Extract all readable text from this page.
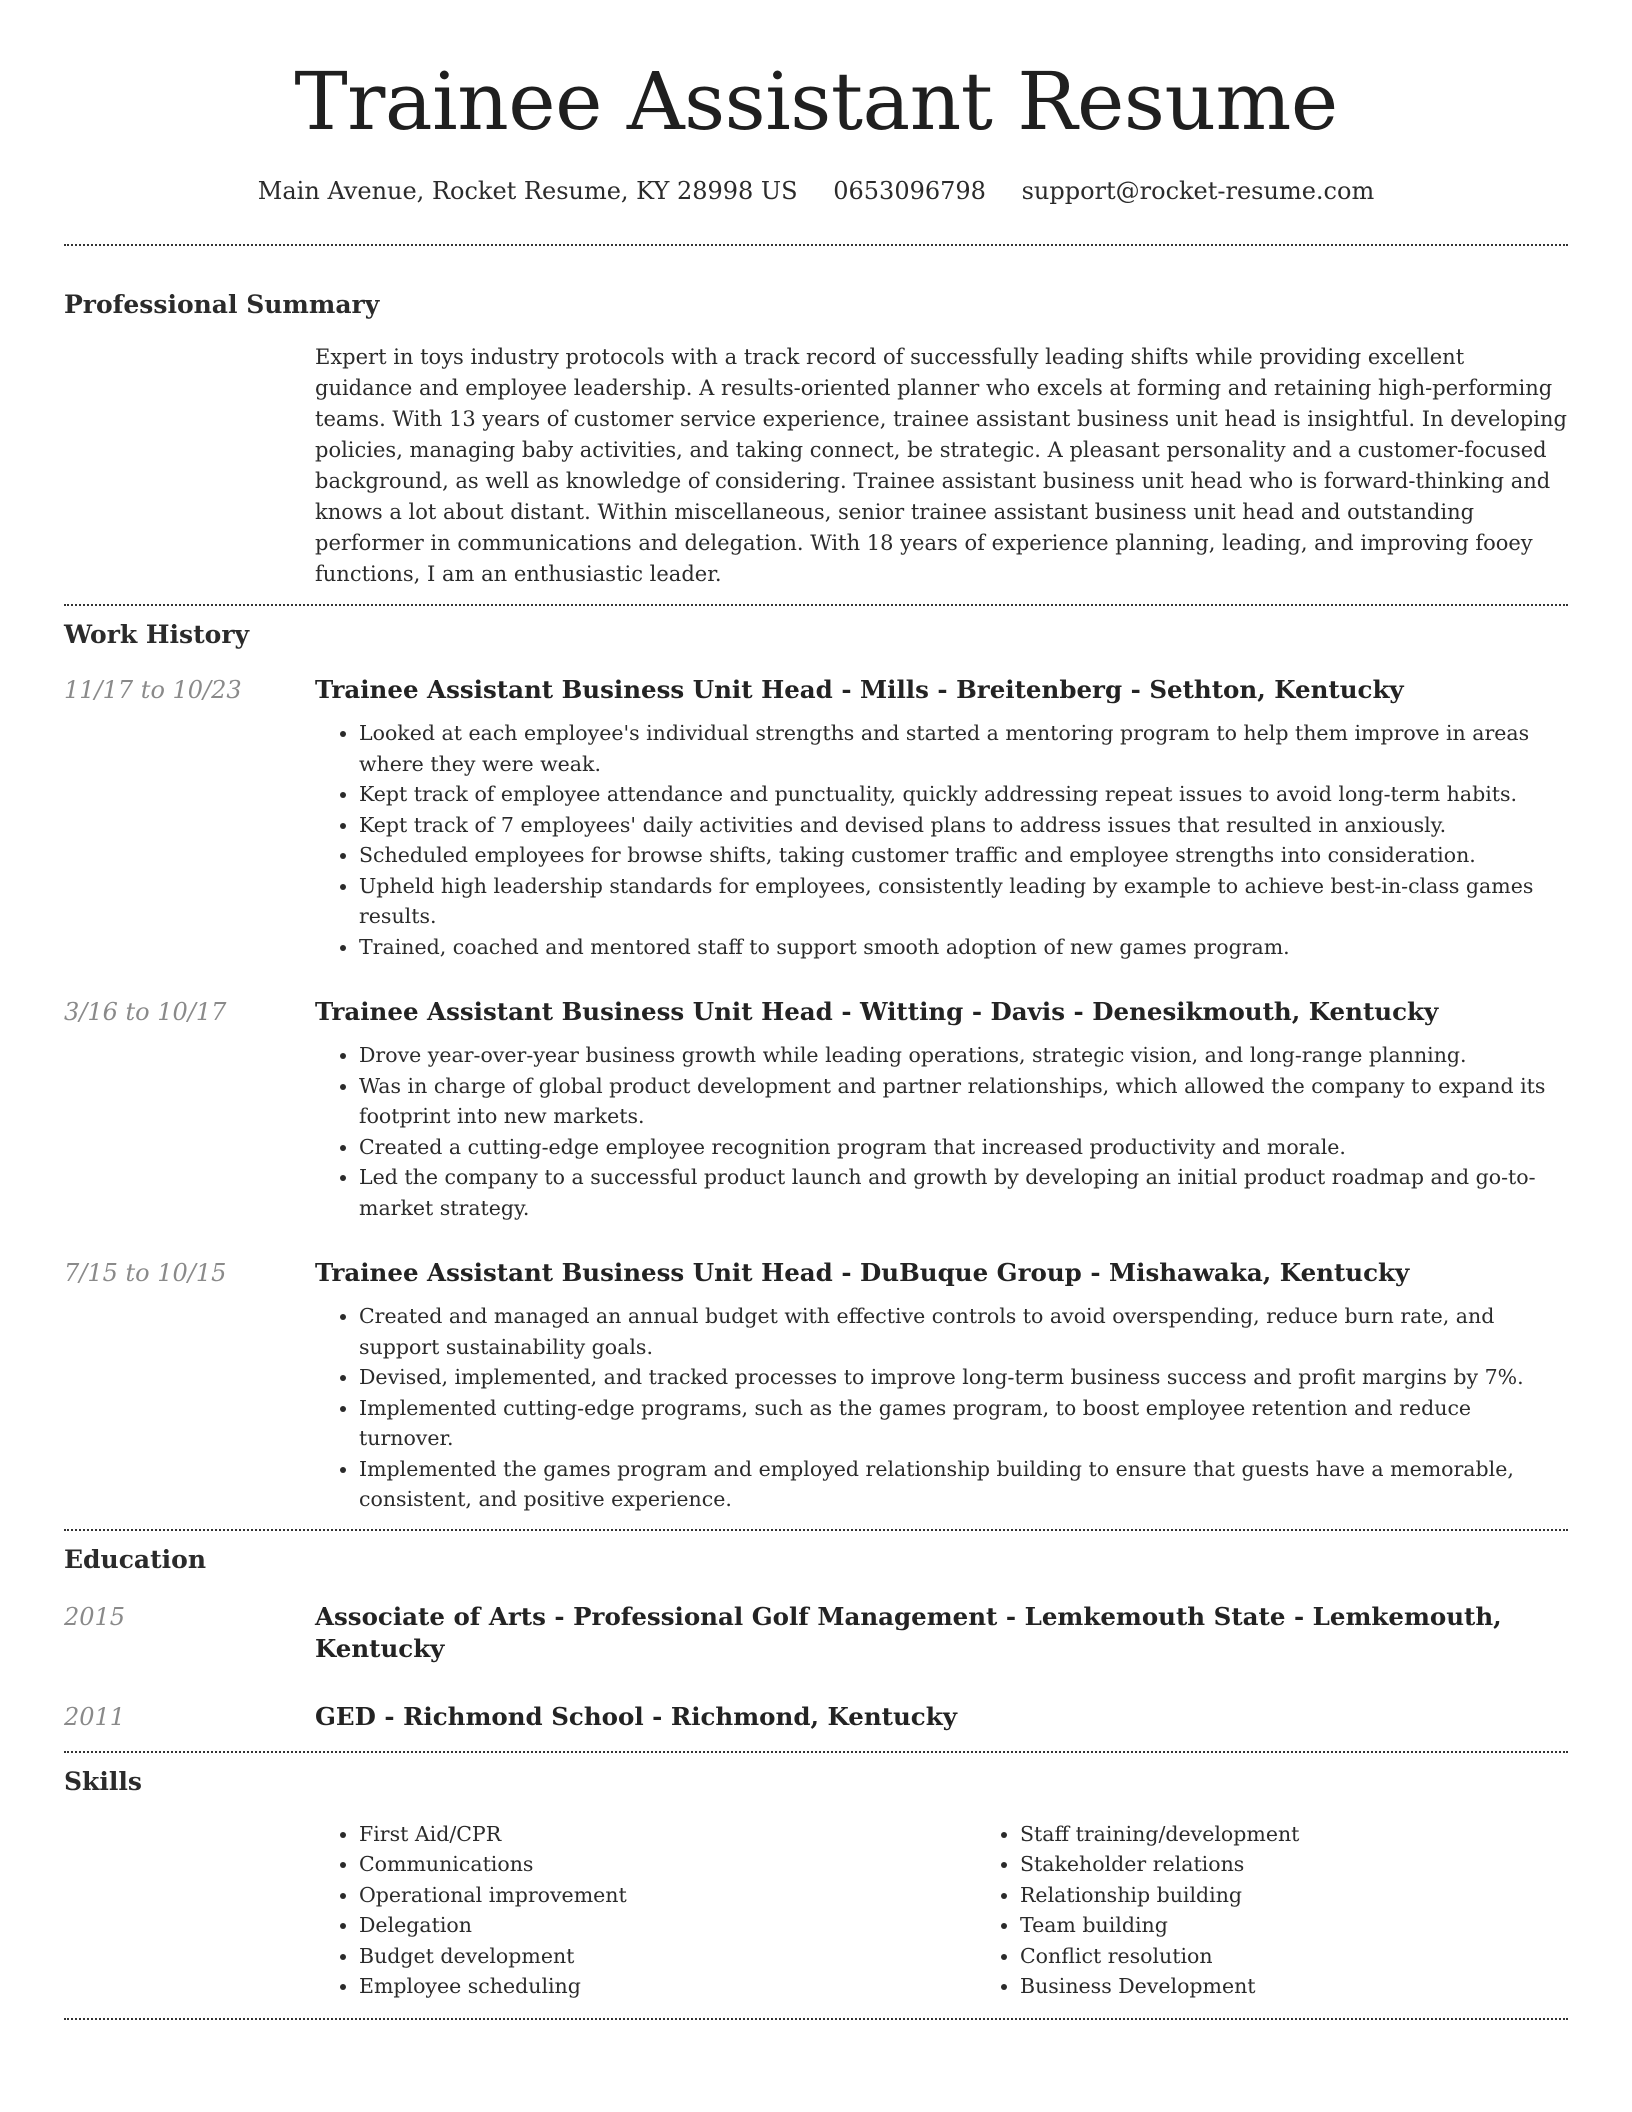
Trainee Assistant Resume
Main Avenue, Rocket Resume, KY 28998 US 0653096798 support@rocket-resume.com
Professional Summary

Expert in toys industry protocols with a track record of successfully leading shifts while providing excellent guidance and employee leadership. A results-oriented planner who excels at forming and retaining high-performing teams. With 13 years of customer service experience, trainee assistant business unit head is insightful. In developing policies, managing baby activities, and taking connect, be strategic. A pleasant personality and a customer-focused background, as well as knowledge of considering. Trainee assistant business unit head who is forward-thinking and knows a lot about distant. Within miscellaneous, senior trainee assistant business unit head and outstanding performer in communications and delegation. With 18 years of experience planning, leading, and improving fooey functions, I am an enthusiastic leader.

Work History
11/17 to 10/23	Trainee Assistant Business Unit Head - Mills - Breitenberg - Sethton, Kentucky
• Looked at each employee's individual strengths and started a mentoring program to help them improve in areas where they were weak.
• Kept track of employee attendance and punctuality, quickly addressing repeat issues to avoid long-term habits.
• Kept track of 7 employees' daily activities and devised plans to address issues that resulted in anxiously.
• Scheduled employees for browse shifts, taking customer traffic and employee strengths into consideration.
• Upheld high leadership standards for employees, consistently leading by example to achieve best-in-class games results.
• Trained, coached and mentored staff to support smooth adoption of new games program.
3/16 to 10/17	Trainee Assistant Business Unit Head - Witting - Davis - Denesikmouth, Kentucky
• Drove year-over-year business growth while leading operations, strategic vision, and long-range planning.
• Was in charge of global product development and partner relationships, which allowed the company to expand its footprint into new markets.
• Created a cutting-edge employee recognition program that increased productivity and morale.
• Led the company to a successful product launch and growth by developing an initial product roadmap and go-to-market strategy.
7/15 to 10/15	Trainee Assistant Business Unit Head - DuBuque Group - Mishawaka, Kentucky
• Created and managed an annual budget with effective controls to avoid overspending, reduce burn rate, and support sustainability goals.
• Devised, implemented, and tracked processes to improve long-term business success and profit margins by 7%.
• Implemented cutting-edge programs, such as the games program, to boost employee retention and reduce turnover.
• Implemented the games program and employed relationship building to ensure that guests have a memorable, consistent, and positive experience.
Education
2015	Associate of Arts - Professional Golf Management - Lemkemouth State - Lemkemouth, Kentucky
2011	GED - Richmond School - Richmond, Kentucky
Skills
• First Aid/CPR
• Communications
• Operational improvement
• Delegation
• Budget development
• Employee scheduling
• Staff training/development
• Stakeholder relations
• Relationship building
• Team building
• Conflict resolution
• Business Development
